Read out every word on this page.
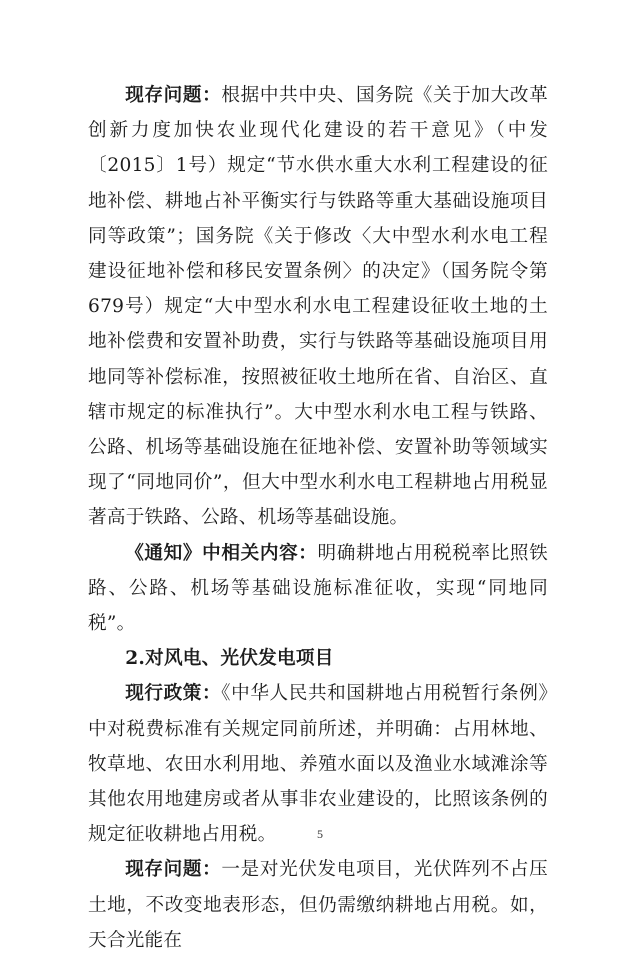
现存问题：根据中共中央、国务院《关于加大改革创新力度加快农业现代化建设的若干意见》（中发〔2015〕1号）规定“节水供水重大水利工程建设的征地补偿、耕地占补平衡实行与铁路等重大基础设施项目同等政策”；国务院《关于修改〈大中型水利水电工程建设征地补偿和移民安置条例〉的决定》（国务院令第679号）规定“大中型水利水电工程建设征收土地的土地补偿费和安置补助费，实行与铁路等基础设施项目用地同等补偿标准，按照被征收土地所在省、自治区、直辖市规定的标准执行”。大中型水利水电工程与铁路、公路、机场等基础设施在征地补偿、安置补助等领域实现了“同地同价”，但大中型水利水电工程耕地占用税显著高于铁路、公路、机场等基础设施。

《通知》中相关内容：明确耕地占用税税率比照铁路、公路、机场等基础设施标准征收，实现“同地同税”。

2.对风电、光伏发电项目

现行政策：《中华人民共和国耕地占用税暂行条例》中对税费标准有关规定同前所述，并明确：占用林地、牧草地、农田水利用地、养殖水面以及渔业水域滩涂等其他农用地建房或者从事非农业建设的，比照该条例的规定征收耕地占用税。

现存问题：一是对光伏发电项目，光伏阵列不占压土地，不改变地表形态，但仍需缴纳耕地占用税。如，天合光能在

5
